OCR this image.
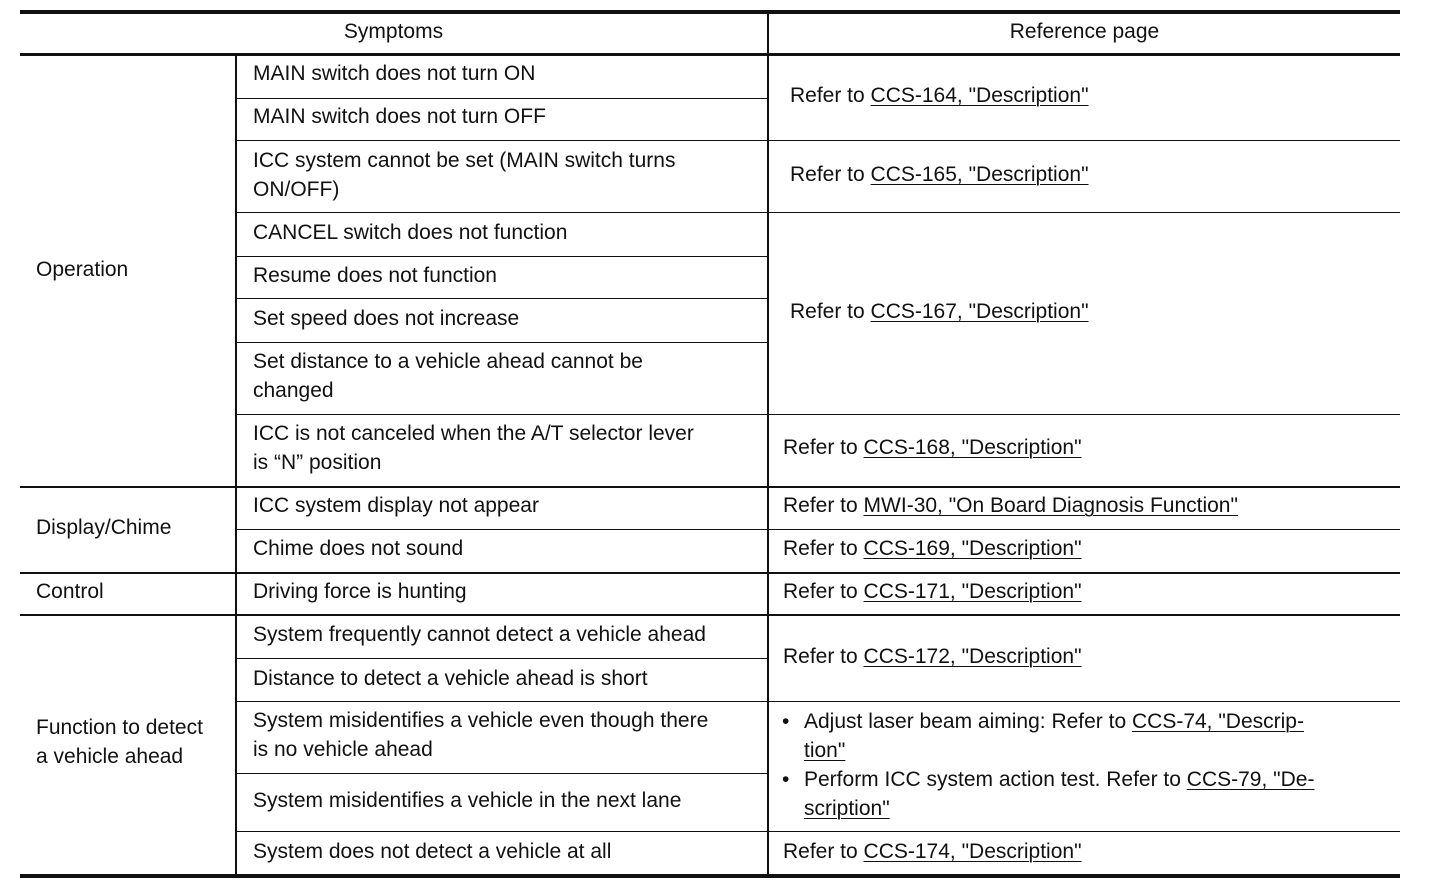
Symptoms	Reference page
Operation
Display/Chime
Control
Function to detect
a vehicle ahead
MAIN switch does not turn ON
MAIN switch does not turn OFF
ICC system cannot be set (MAIN switch turns
ON/OFF)
CANCEL switch does not function
Resume does not function
Set speed does not increase
Set distance to a vehicle ahead cannot be
changed
ICC is not canceled when the A/T selector lever
is “N” position
ICC system display not appear
Chime does not sound
Driving force is hunting
System frequently cannot detect a vehicle ahead
Distance to detect a vehicle ahead is short
System misidentifies a vehicle even though there
is no vehicle ahead
System misidentifies a vehicle in the next lane
System does not detect a vehicle at all
Refer to CCS-164, "Description"
Refer to CCS-165, "Description"
Refer to CCS-167, "Description"
Refer to CCS-168, "Description"
Refer to MWI-30, "On Board Diagnosis Function"
Refer to CCS-169, "Description"
Refer to CCS-171, "Description"
Refer to CCS-172, "Description"
• Adjust laser beam aiming: Refer to CCS-74, "Descrip-
tion"
• Perform ICC system action test. Refer to CCS-79, "De-
scription"
Refer to CCS-174, "Description"
